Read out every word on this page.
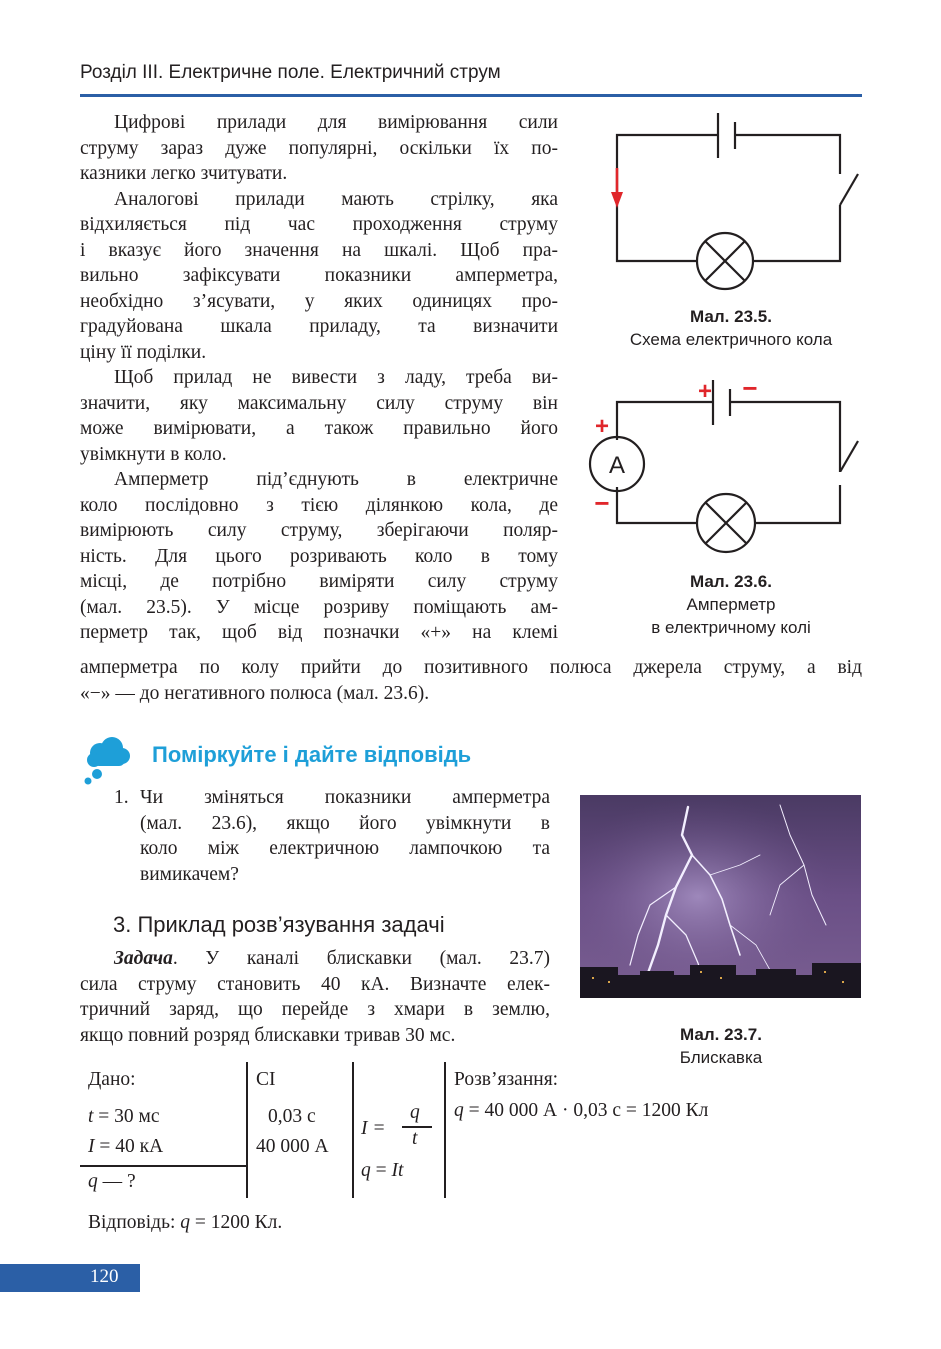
Розділ III. Електричне поле. Електричний струм
Цифрові прилади для вимірювання сили
струму зараз дуже популярні, оскільки їх по-
казники легко зчитувати.
Аналогові прилади мають стрілку, яка
відхиляється під час проходження струму
і вказує його значення на шкалі. Щоб пра-
вильно зафіксувати показники амперметра,
необхідно з’ясувати, у яких одиницях про-
градуйована шкала приладу, та визначити
ціну її поділки.
Щоб прилад не вивести з ладу, треба ви-
значити, яку максимальну силу струму він
може вимірювати, а також правильно його
увімкнути в коло.
Амперметр під’єднують в електричне
коло послідовно з тією ділянкою кола, де
вимірюють силу струму, зберігаючи поляр-
ність. Для цього розривають коло в тому
місці, де потрібно виміряти силу струму
(мал. 23.5). У місце розриву поміщають ам-
перметр так, щоб від позначки «+» на клемі
амперметра по колу прийти до позитивного полюса джерела струму, а від
«−» — до негативного полюса (мал. 23.6).
Мал. 23.5.
Схема електричного кола
A
+ −
+
−
Мал. 23.6.
Амперметр
в електричному колі
Поміркуйте і дайте відповідь
1. Чи зміняться показники амперметра
(мал. 23.6), якщо його увімкнути в
коло між електричною лампочкою та
вимикачем?
Мал. 23.7.
Блискавка
3. Приклад розв’язування задачі
Задача. У каналі блискавки (мал. 23.7)
сила струму становить 40 кА. Визначте елек-
тричний заряд, що перейде з хмари в землю,
якщо повний розряд блискавки тривав 30 мс.
Дано:
t = 30 мс
I = 40 кА
q — ?
СІ
0,03 с
40 000 А
I =
q
t
q = It
Розв’язання:
q = 40 000 А · 0,03 с = 1200 Кл
Відповідь: q = 1200 Кл.
120
